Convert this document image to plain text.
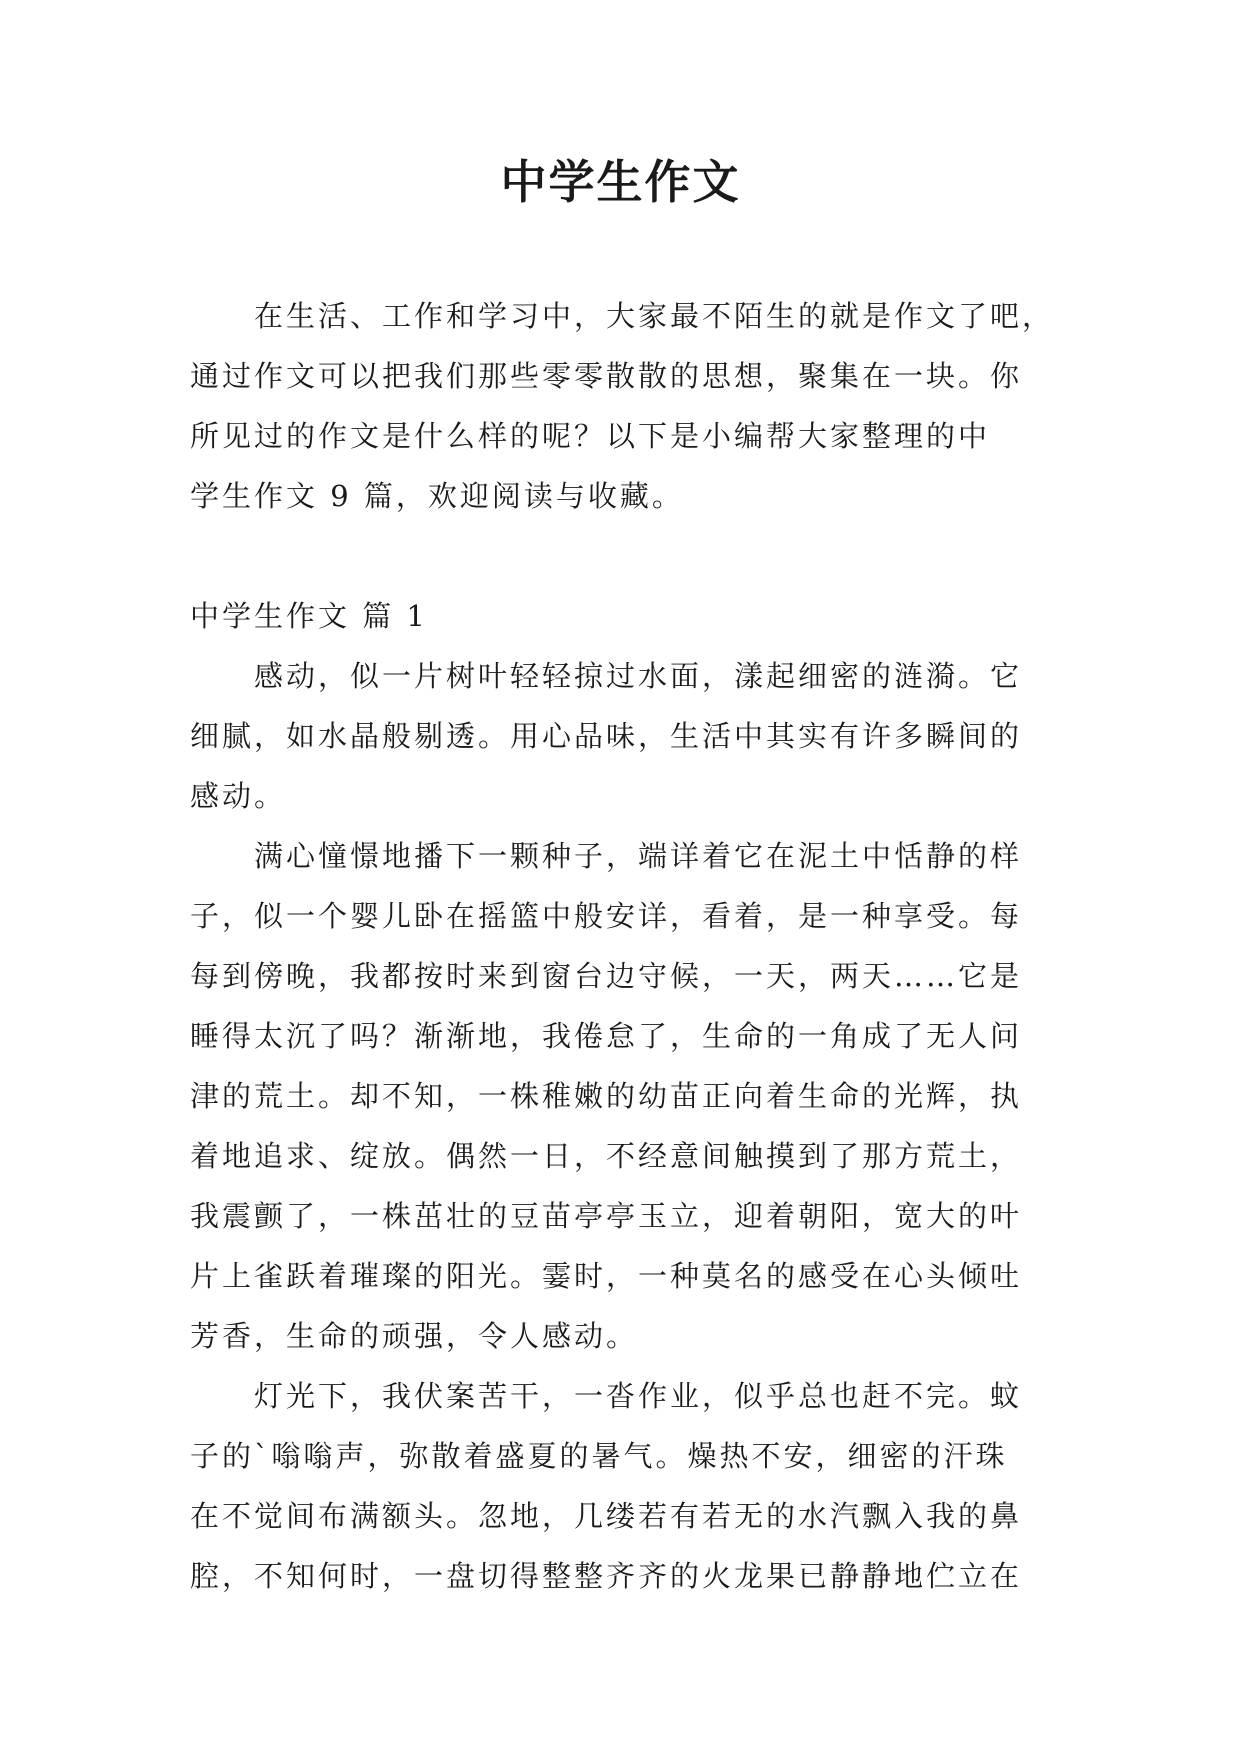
中学生作文

在生活、工作和学习中，大家最不陌生的就是作文了吧，

通过作文可以把我们那些零零散散的思想，聚集在一块。你

所见过的作文是什么样的呢？以下是小编帮大家整理的中

学生作文 9 篇，欢迎阅读与收藏。

中学生作文 篇 1

感动，似一片树叶轻轻掠过水面，漾起细密的涟漪。它

细腻，如水晶般剔透。用心品味，生活中其实有许多瞬间的

感动。

满心憧憬地播下一颗种子，端详着它在泥土中恬静的样

子，似一个婴儿卧在摇篮中般安详，看着，是一种享受。每

每到傍晚，我都按时来到窗台边守候，一天，两天……它是

睡得太沉了吗？渐渐地，我倦怠了，生命的一角成了无人问

津的荒土。却不知，一株稚嫩的幼苗正向着生命的光辉，执

着地追求、绽放。偶然一日，不经意间触摸到了那方荒土，

我震颤了，一株茁壮的豆苗亭亭玉立，迎着朝阳，宽大的叶

片上雀跃着璀璨的阳光。霎时，一种莫名的感受在心头倾吐

芳香，生命的顽强，令人感动。

灯光下，我伏案苦干，一沓作业，似乎总也赶不完。蚊

子的`嗡嗡声，弥散着盛夏的暑气。燥热不安，细密的汗珠

在不觉间布满额头。忽地，几缕若有若无的水汽飘入我的鼻

腔，不知何时，一盘切得整整齐齐的火龙果已静静地伫立在
